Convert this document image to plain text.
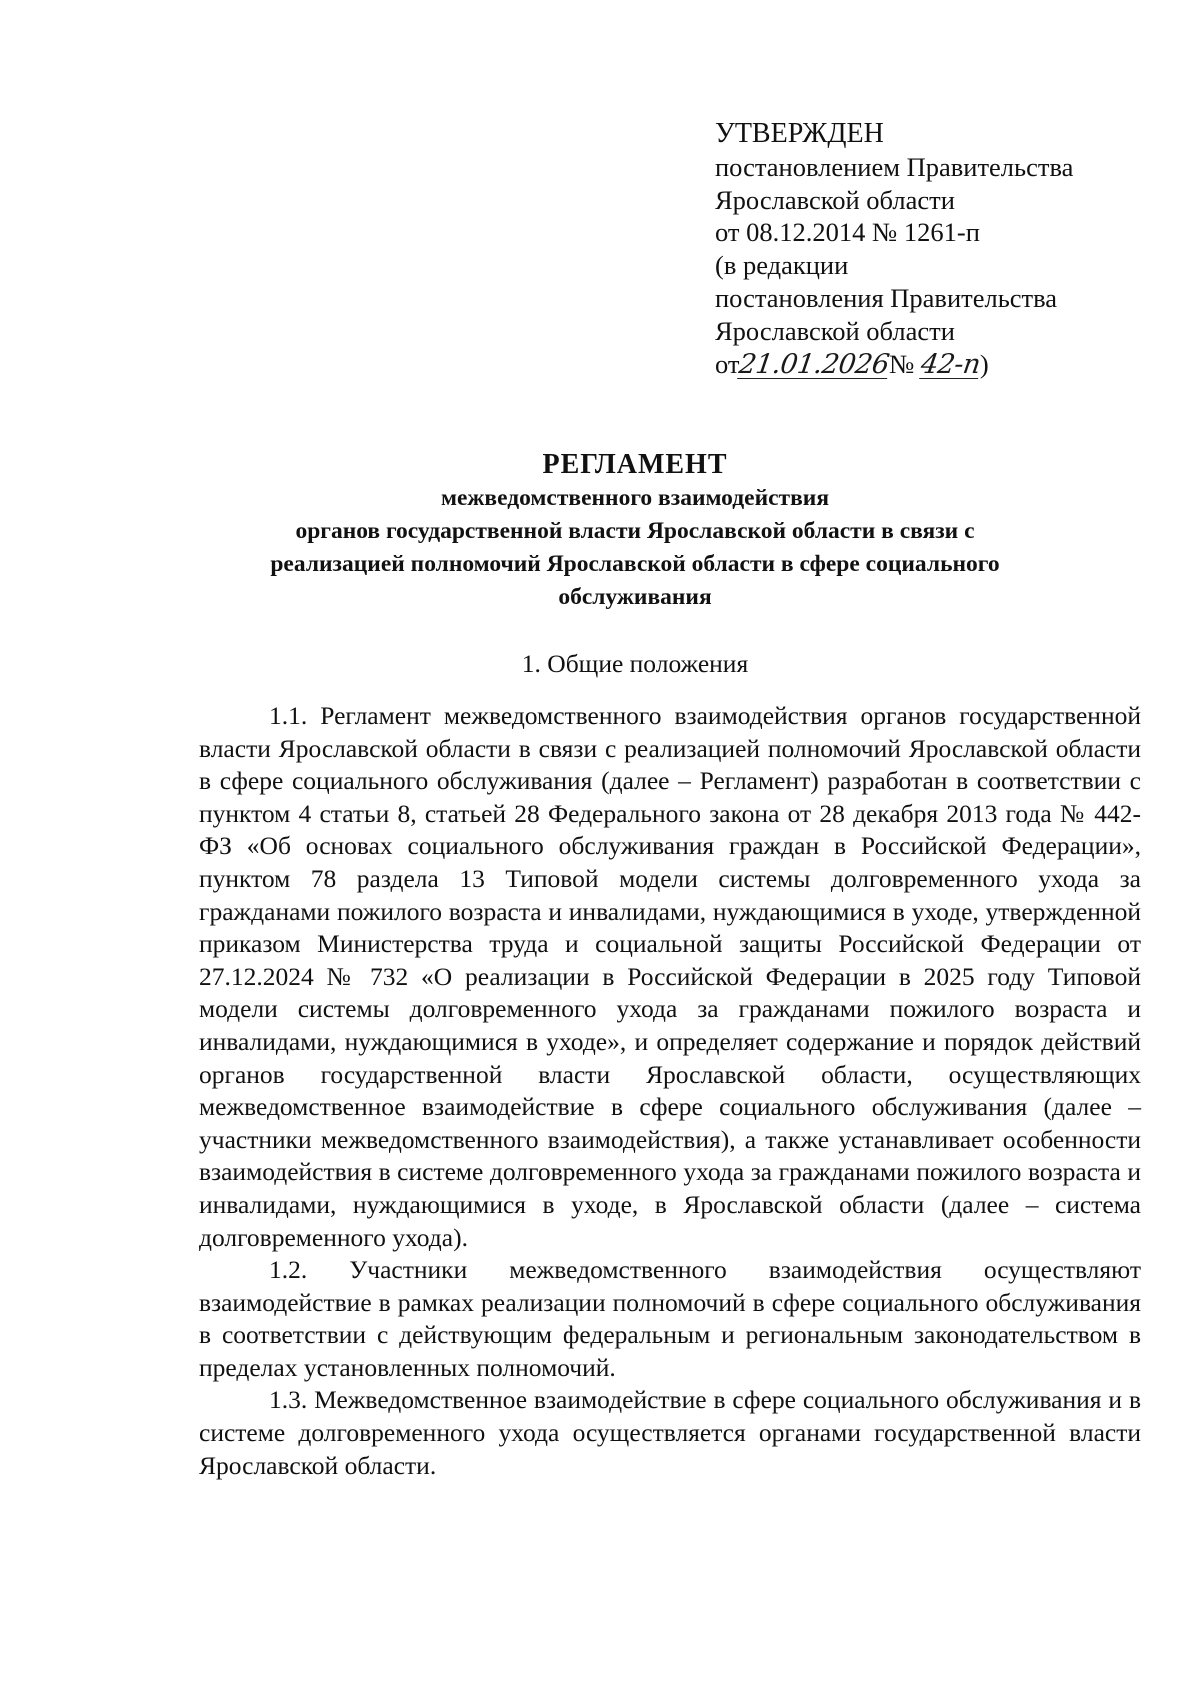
УТВЕРЖДЕН
постановлением Правительства
Ярославской области
от 08.12.2014 № 1261-п
(в редакции
постановления Правительства
Ярославской области
от21.01.2026№ 42-п)
РЕГЛАМЕНТ
межведомственного взаимодействия
органов государственной власти Ярославской области в связи с
реализацией полномочий Ярославской области в сфере социального
обслуживания
1. Общие положения

1.1. Регламент межведомственного взаимодействия органов государственной власти Ярославской области в связи с реализацией полномочий Ярославской области в сфере социального обслуживания (далее – Регламент) разработан в соответствии с пунктом 4 статьи 8, статьей 28 Федерального закона от 28 декабря 2013 года № 442-ФЗ «Об основах социального обслуживания граждан в Российской Федерации», пунктом 78 раздела 13 Типовой модели системы долговременного ухода за гражданами пожилого возраста и инвалидами, нуждающимися в уходе, утвержденной приказом Министерства труда и социальной защиты Российской Федерации от 27.12.2024 № 732 «О реализации в Российской Федерации в 2025 году Типовой модели системы долговременного ухода за гражданами пожилого возраста и инвалидами, нуждающимися в уходе», и определяет содержание и порядок действий органов государственной власти Ярославской области, осуществляющих межведомственное взаимодействие в сфере социального обслуживания (далее – участники межведомственного взаимодействия), а также устанавливает особенности взаимодействия в системе долговременного ухода за гражданами пожилого возраста и инвалидами, нуждающимися в уходе, в Ярославской области (далее – система долговременного ухода).

1.2. Участники межведомственного взаимодействия осуществляют взаимодействие в рамках реализации полномочий в сфере социального обслуживания в соответствии с действующим федеральным и региональным законодательством в пределах установленных полномочий.

1.3. Межведомственное взаимодействие в сфере социального обслуживания и в системе долговременного ухода осуществляется органами государственной власти Ярославской области.
